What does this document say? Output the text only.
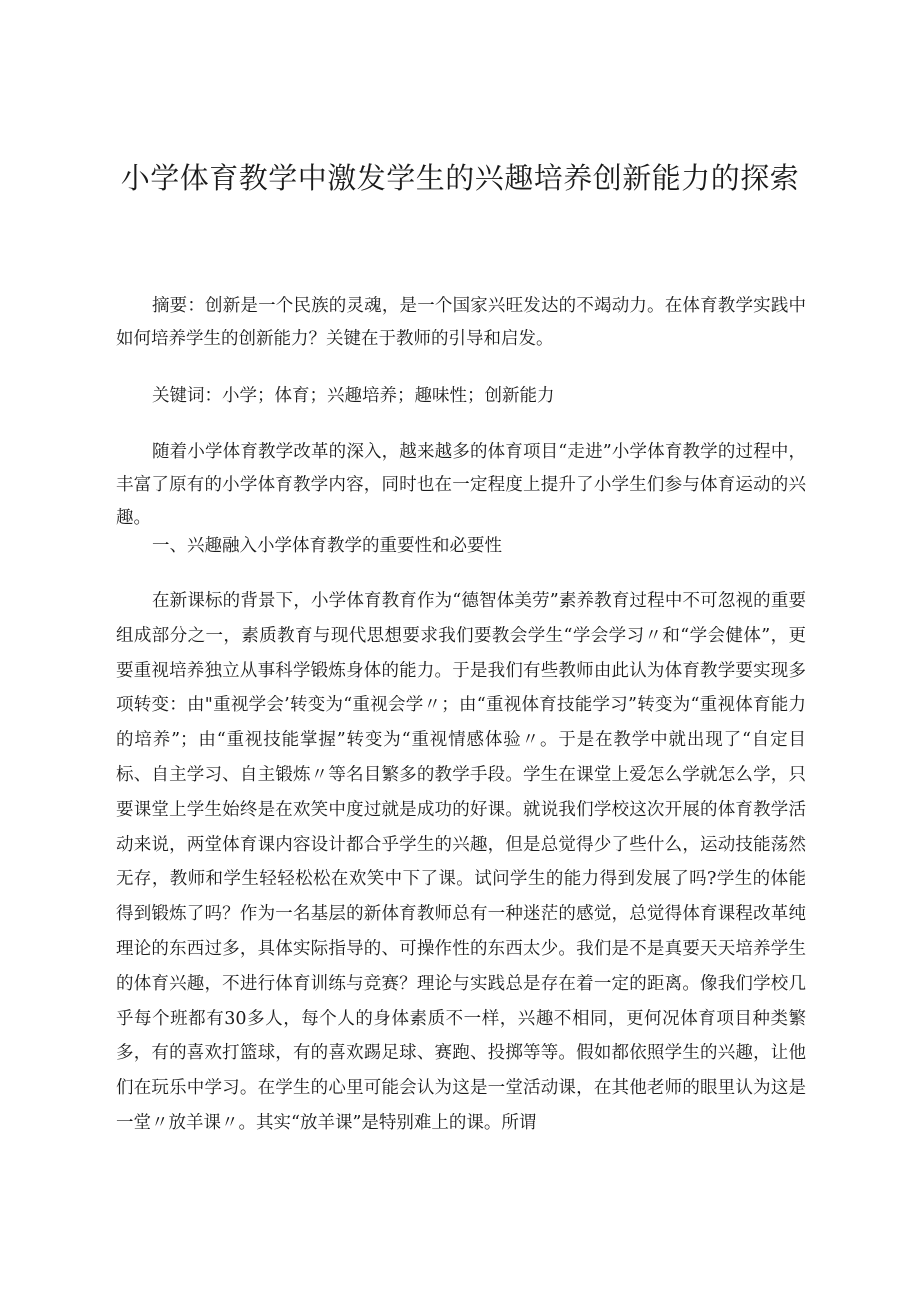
小学体育教学中激发学生的兴趣培养创新能力的探索

摘要：创新是一个民族的灵魂，是一个国家兴旺发达的不竭动力。在体育教学实践中如何培养学生的创新能力？关键在于教师的引导和启发。

关键词：小学；体育；兴趣培养；趣味性；创新能力

随着小学体育教学改革的深入，越来越多的体育项目“走进”小学体育教学的过程中，丰富了原有的小学体育教学内容，同时也在一定程度上提升了小学生们参与体育运动的兴趣。

一、兴趣融入小学体育教学的重要性和必要性

在新课标的背景下，小学体育教育作为“德智体美劳”素养教育过程中不可忽视的重要组成部分之一，素质教育与现代思想要求我们要教会学生“学会学习〃和“学会健体”，更要重视培养独立从事科学锻炼身体的能力。于是我们有些教师由此认为体育教学要实现多项转变：由"重视学会’转变为“重视会学〃；由“重视体育技能学习”转变为“重视体育能力的培养”；由“重视技能掌握”转变为“重视情感体验〃。于是在教学中就出现了“自定目标、自主学习、自主锻炼〃等名目繁多的教学手段。学生在课堂上爱怎么学就怎么学，只要课堂上学生始终是在欢笑中度过就是成功的好课。就说我们学校这次开展的体育教学活动来说，两堂体育课内容设计都合乎学生的兴趣，但是总觉得少了些什么，运动技能荡然无存，教师和学生轻轻松松在欢笑中下了课。试问学生的能力得到发展了吗?学生的体能得到锻炼了吗？作为一名基层的新体育教师总有一种迷茫的感觉，总觉得体育课程改革纯理论的东西过多，具体实际指导的、可操作性的东西太少。我们是不是真要天天培养学生的体育兴趣，不进行体育训练与竞赛？理论与实践总是存在着一定的距离。像我们学校几乎每个班都有30多人，每个人的身体素质不一样，兴趣不相同，更何况体育项目种类繁多，有的喜欢打篮球，有的喜欢踢足球、赛跑、投掷等等。假如都依照学生的兴趣，让他们在玩乐中学习。在学生的心里可能会认为这是一堂活动课，在其他老师的眼里认为这是一堂〃放羊课〃。其实“放羊课”是特别难上的课。所谓
